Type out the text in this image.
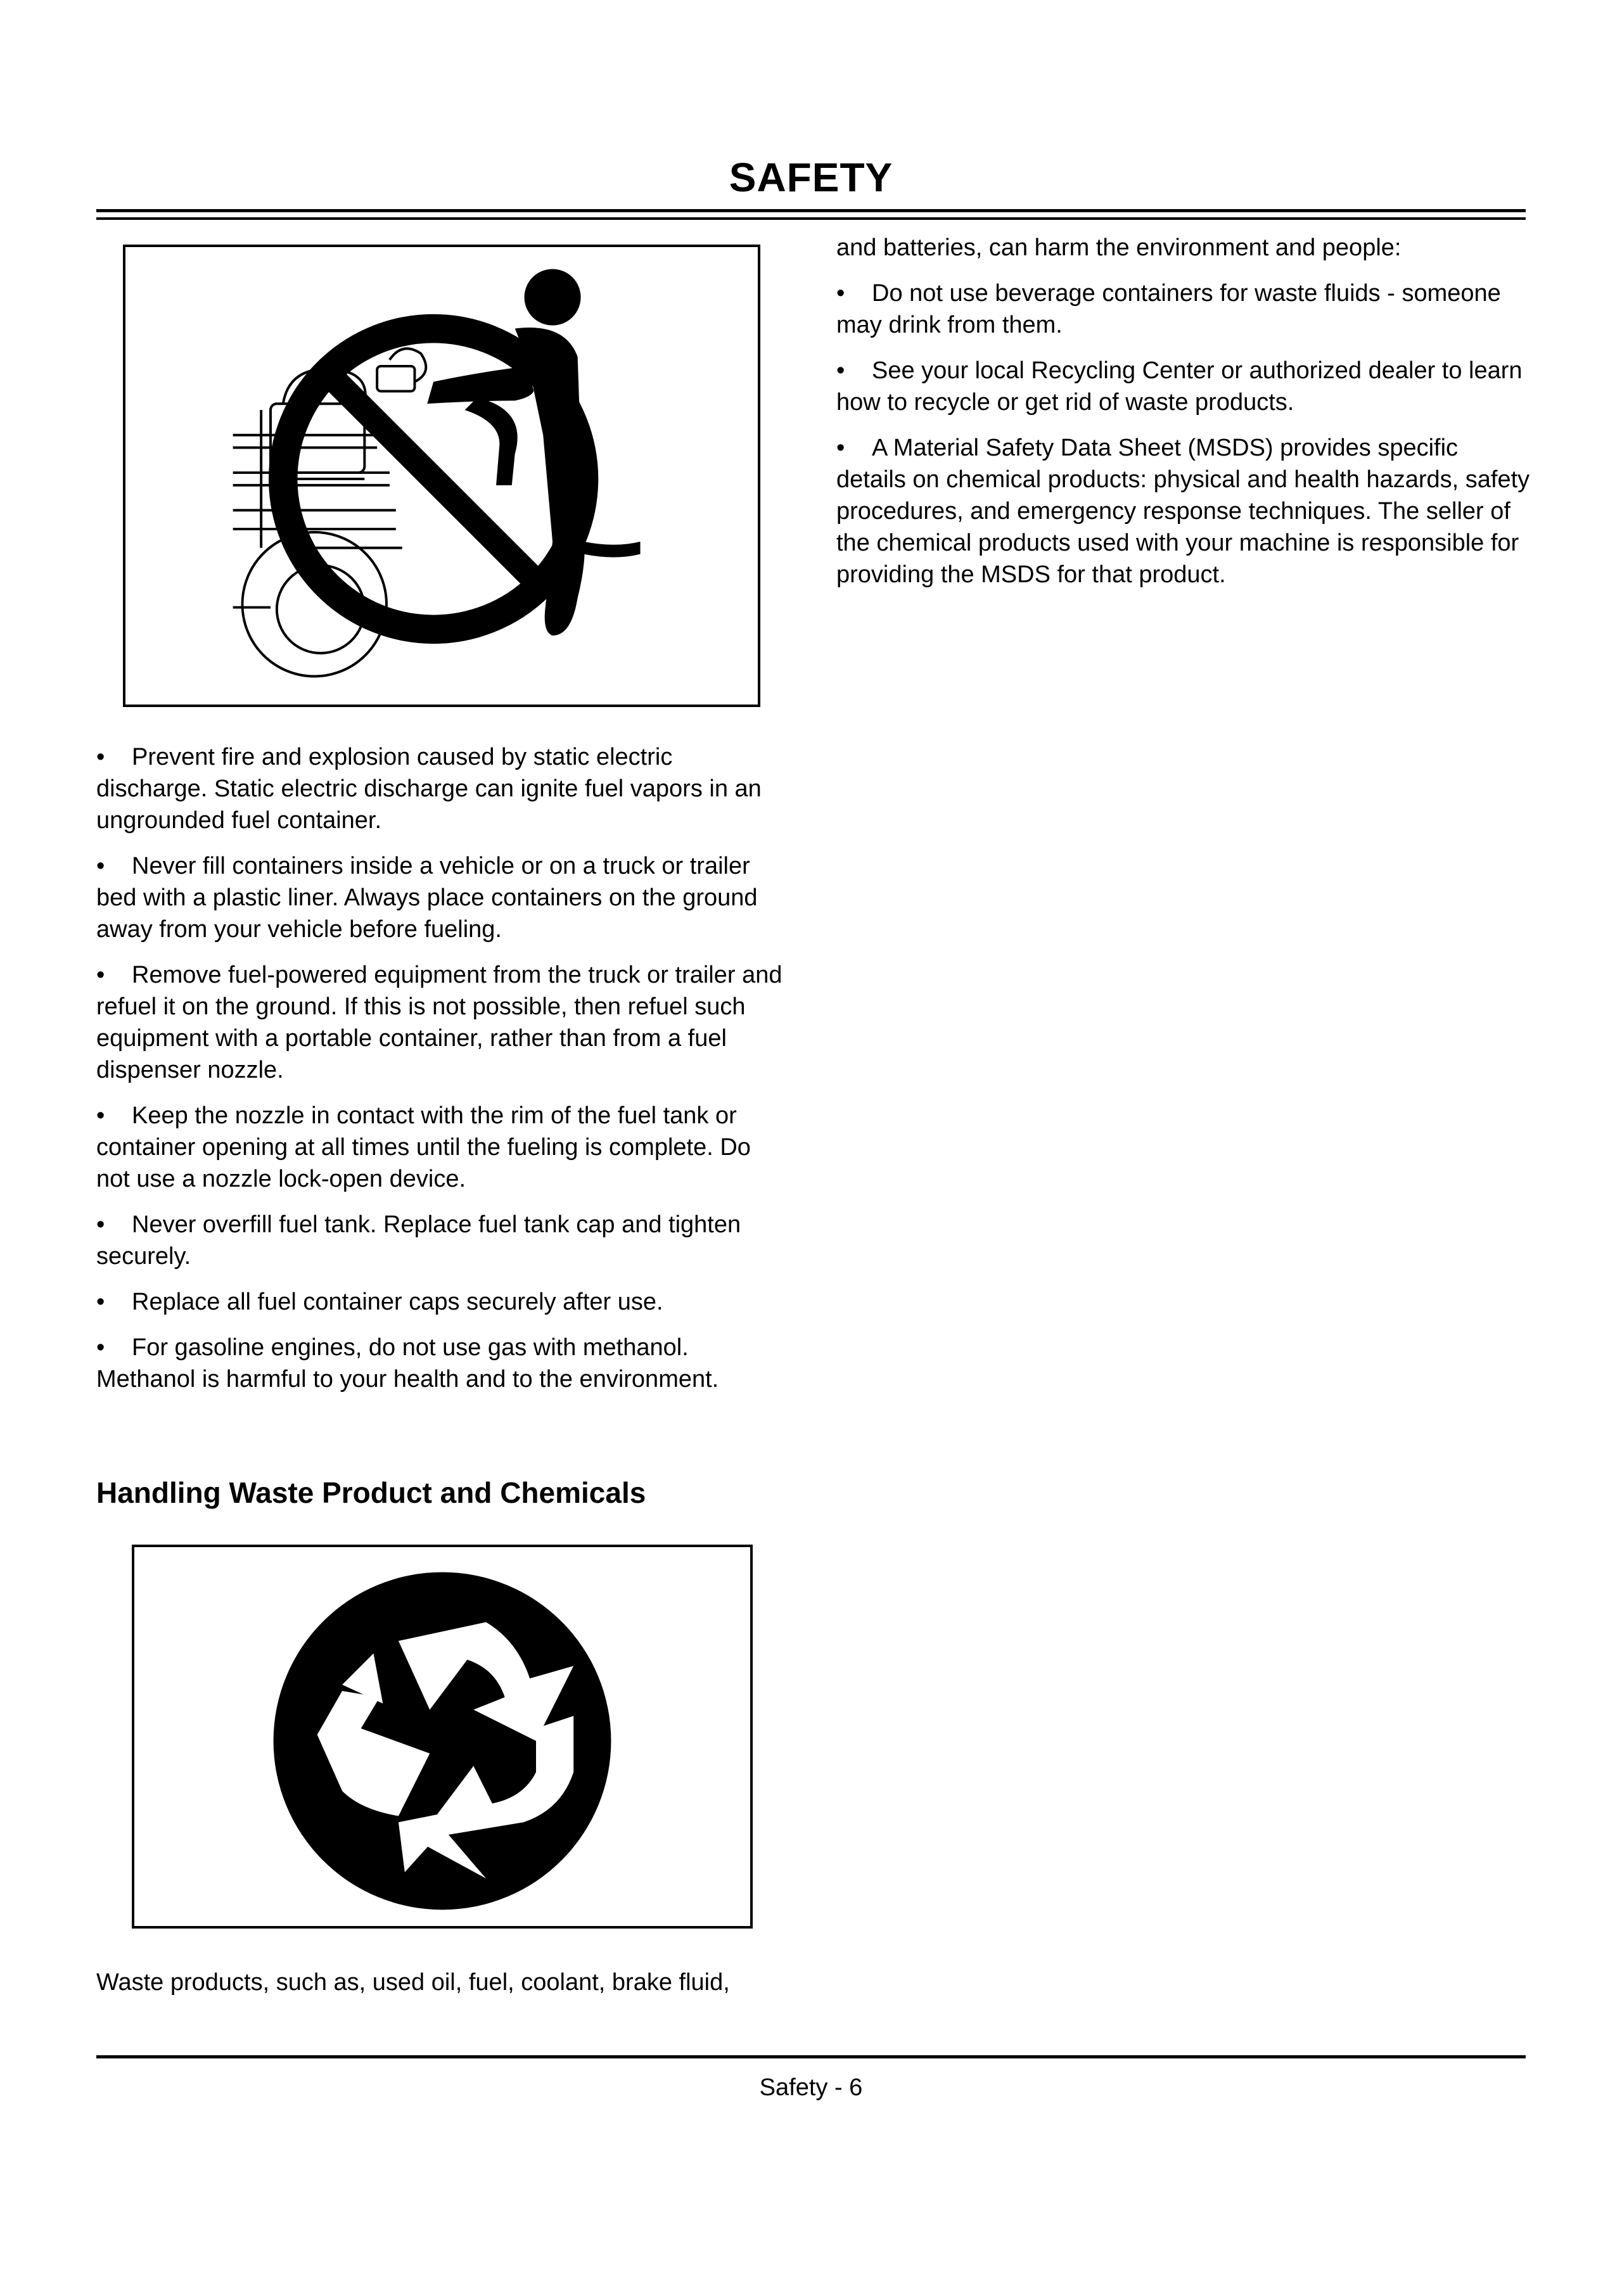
SAFETY

and batteries, can harm the environment and people:

• Do not use beverage containers for waste fluids - someone may drink from them.

• See your local Recycling Center or authorized dealer to learn how to recycle or get rid of waste products.

• A Material Safety Data Sheet (MSDS) provides specific details on chemical products: physical and health hazards, safety procedures, and emergency response techniques. The seller of the chemical products used with your machine is responsible for providing the MSDS for that product.

• Prevent fire and explosion caused by static electric discharge. Static electric discharge can ignite fuel vapors in an ungrounded fuel container.

• Never fill containers inside a vehicle or on a truck or trailer bed with a plastic liner. Always place containers on the ground away from your vehicle before fueling.

• Remove fuel-powered equipment from the truck or trailer and refuel it on the ground. If this is not possible, then refuel such equipment with a portable container, rather than from a fuel dispenser nozzle.

• Keep the nozzle in contact with the rim of the fuel tank or container opening at all times until the fueling is complete. Do not use a nozzle lock-open device.

• Never overfill fuel tank. Replace fuel tank cap and tighten securely.

• Replace all fuel container caps securely after use.

• For gasoline engines, do not use gas with methanol. Methanol is harmful to your health and to the environment.

Handling Waste Product and Chemicals
Waste products, such as, used oil, fuel, coolant, brake fluid,
Safety - 6
